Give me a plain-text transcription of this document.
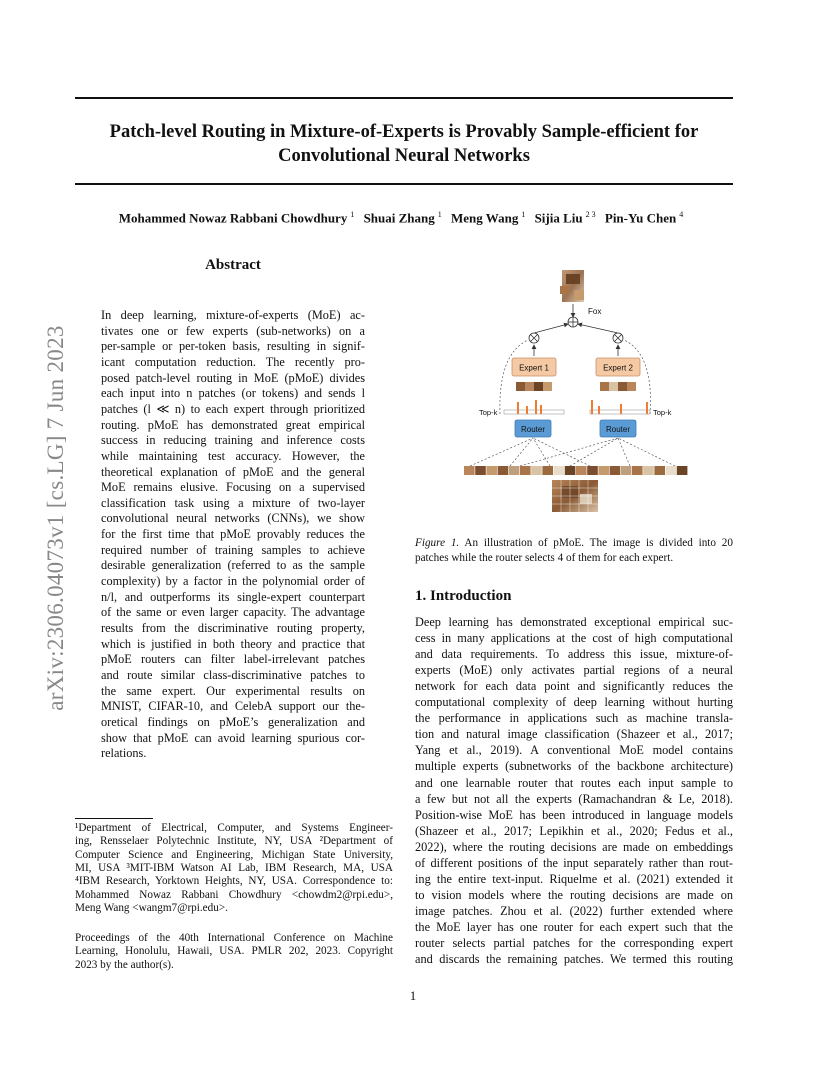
Patch-level Routing in Mixture-of-Experts is Provably Sample-efficient for
Convolutional Neural Networks
Mohammed Nowaz Rabbani Chowdhury $^1$ Shuai Zhang $^1$ Meng Wang $^1$ Sijia Liu $^{2 3}$ Pin-Yu Chen $^4$
arXiv:2306.04073v1 [cs.LG] 7 Jun 2023
Abstract
In deep learning, mixture-of-experts (MoE) ac-
tivates one or few experts (sub-networks) on a
per-sample or per-token basis, resulting in signif-
icant computation reduction. The recently pro-
posed patch-level routing in MoE (pMoE) divides
each input into n patches (or tokens) and sends l
patches (l ≪ n) to each expert through prioritized
routing. pMoE has demonstrated great empirical
success in reducing training and inference costs
while maintaining test accuracy. However, the
theoretical explanation of pMoE and the general
MoE remains elusive. Focusing on a supervised
classification task using a mixture of two-layer
convolutional neural networks (CNNs), we show
for the first time that pMoE provably reduces the
required number of training samples to achieve
desirable generalization (referred to as the sample
complexity) by a factor in the polynomial order of
n/l, and outperforms its single-expert counterpart
of the same or even larger capacity. The advantage
results from the discriminative routing property,
which is justified in both theory and practice that
pMoE routers can filter label-irrelevant patches
and route similar class-discriminative patches to
the same expert. Our experimental results on
MNIST, CIFAR-10, and CelebA support our the-
oretical findings on pMoE’s generalization and
show that pMoE can avoid learning spurious cor-
relations.
¹Department of Electrical, Computer, and Systems Engineer-
ing, Rensselaer Polytechnic Institute, NY, USA ²Department of
Computer Science and Engineering, Michigan State University,
MI, USA ³MIT-IBM Watson AI Lab, IBM Research, MA, USA
⁴IBM Research, Yorktown Heights, NY, USA. Correspondence to:
Mohammed Nowaz Rabbani Chowdhury <chowdm2@rpi.edu>,
Meng Wang <wangm7@rpi.edu>.
Proceedings of the 40th International Conference on Machine
Learning, Honolulu, Hawaii, USA. PMLR 202, 2023. Copyright
2023 by the author(s).
Fox
Expert 1	Expert 2
Top-k	Top-k
Router	Router
Figure 1. An illustration of pMoE. The image is divided into 20
patches while the router selects 4 of them for each expert.
1. Introduction
Deep learning has demonstrated exceptional empirical suc-
cess in many applications at the cost of high computational
and data requirements. To address this issue, mixture-of-
experts (MoE) only activates partial regions of a neural
network for each data point and significantly reduces the
computational complexity of deep learning without hurting
the performance in applications such as machine transla-
tion and natural image classification (Shazeer et al., 2017;
Yang et al., 2019). A conventional MoE model contains
multiple experts (subnetworks of the backbone architecture)
and one learnable router that routes each input sample to
a few but not all the experts (Ramachandran & Le, 2018).
Position-wise MoE has been introduced in language models
(Shazeer et al., 2017; Lepikhin et al., 2020; Fedus et al.,
2022), where the routing decisions are made on embeddings
of different positions of the input separately rather than rout-
ing the entire text-input. Riquelme et al. (2021) extended it
to vision models where the routing decisions are made on
image patches. Zhou et al. (2022) further extended where
the MoE layer has one router for each expert such that the
router selects partial patches for the corresponding expert
and discards the remaining patches. We termed this routing
1
